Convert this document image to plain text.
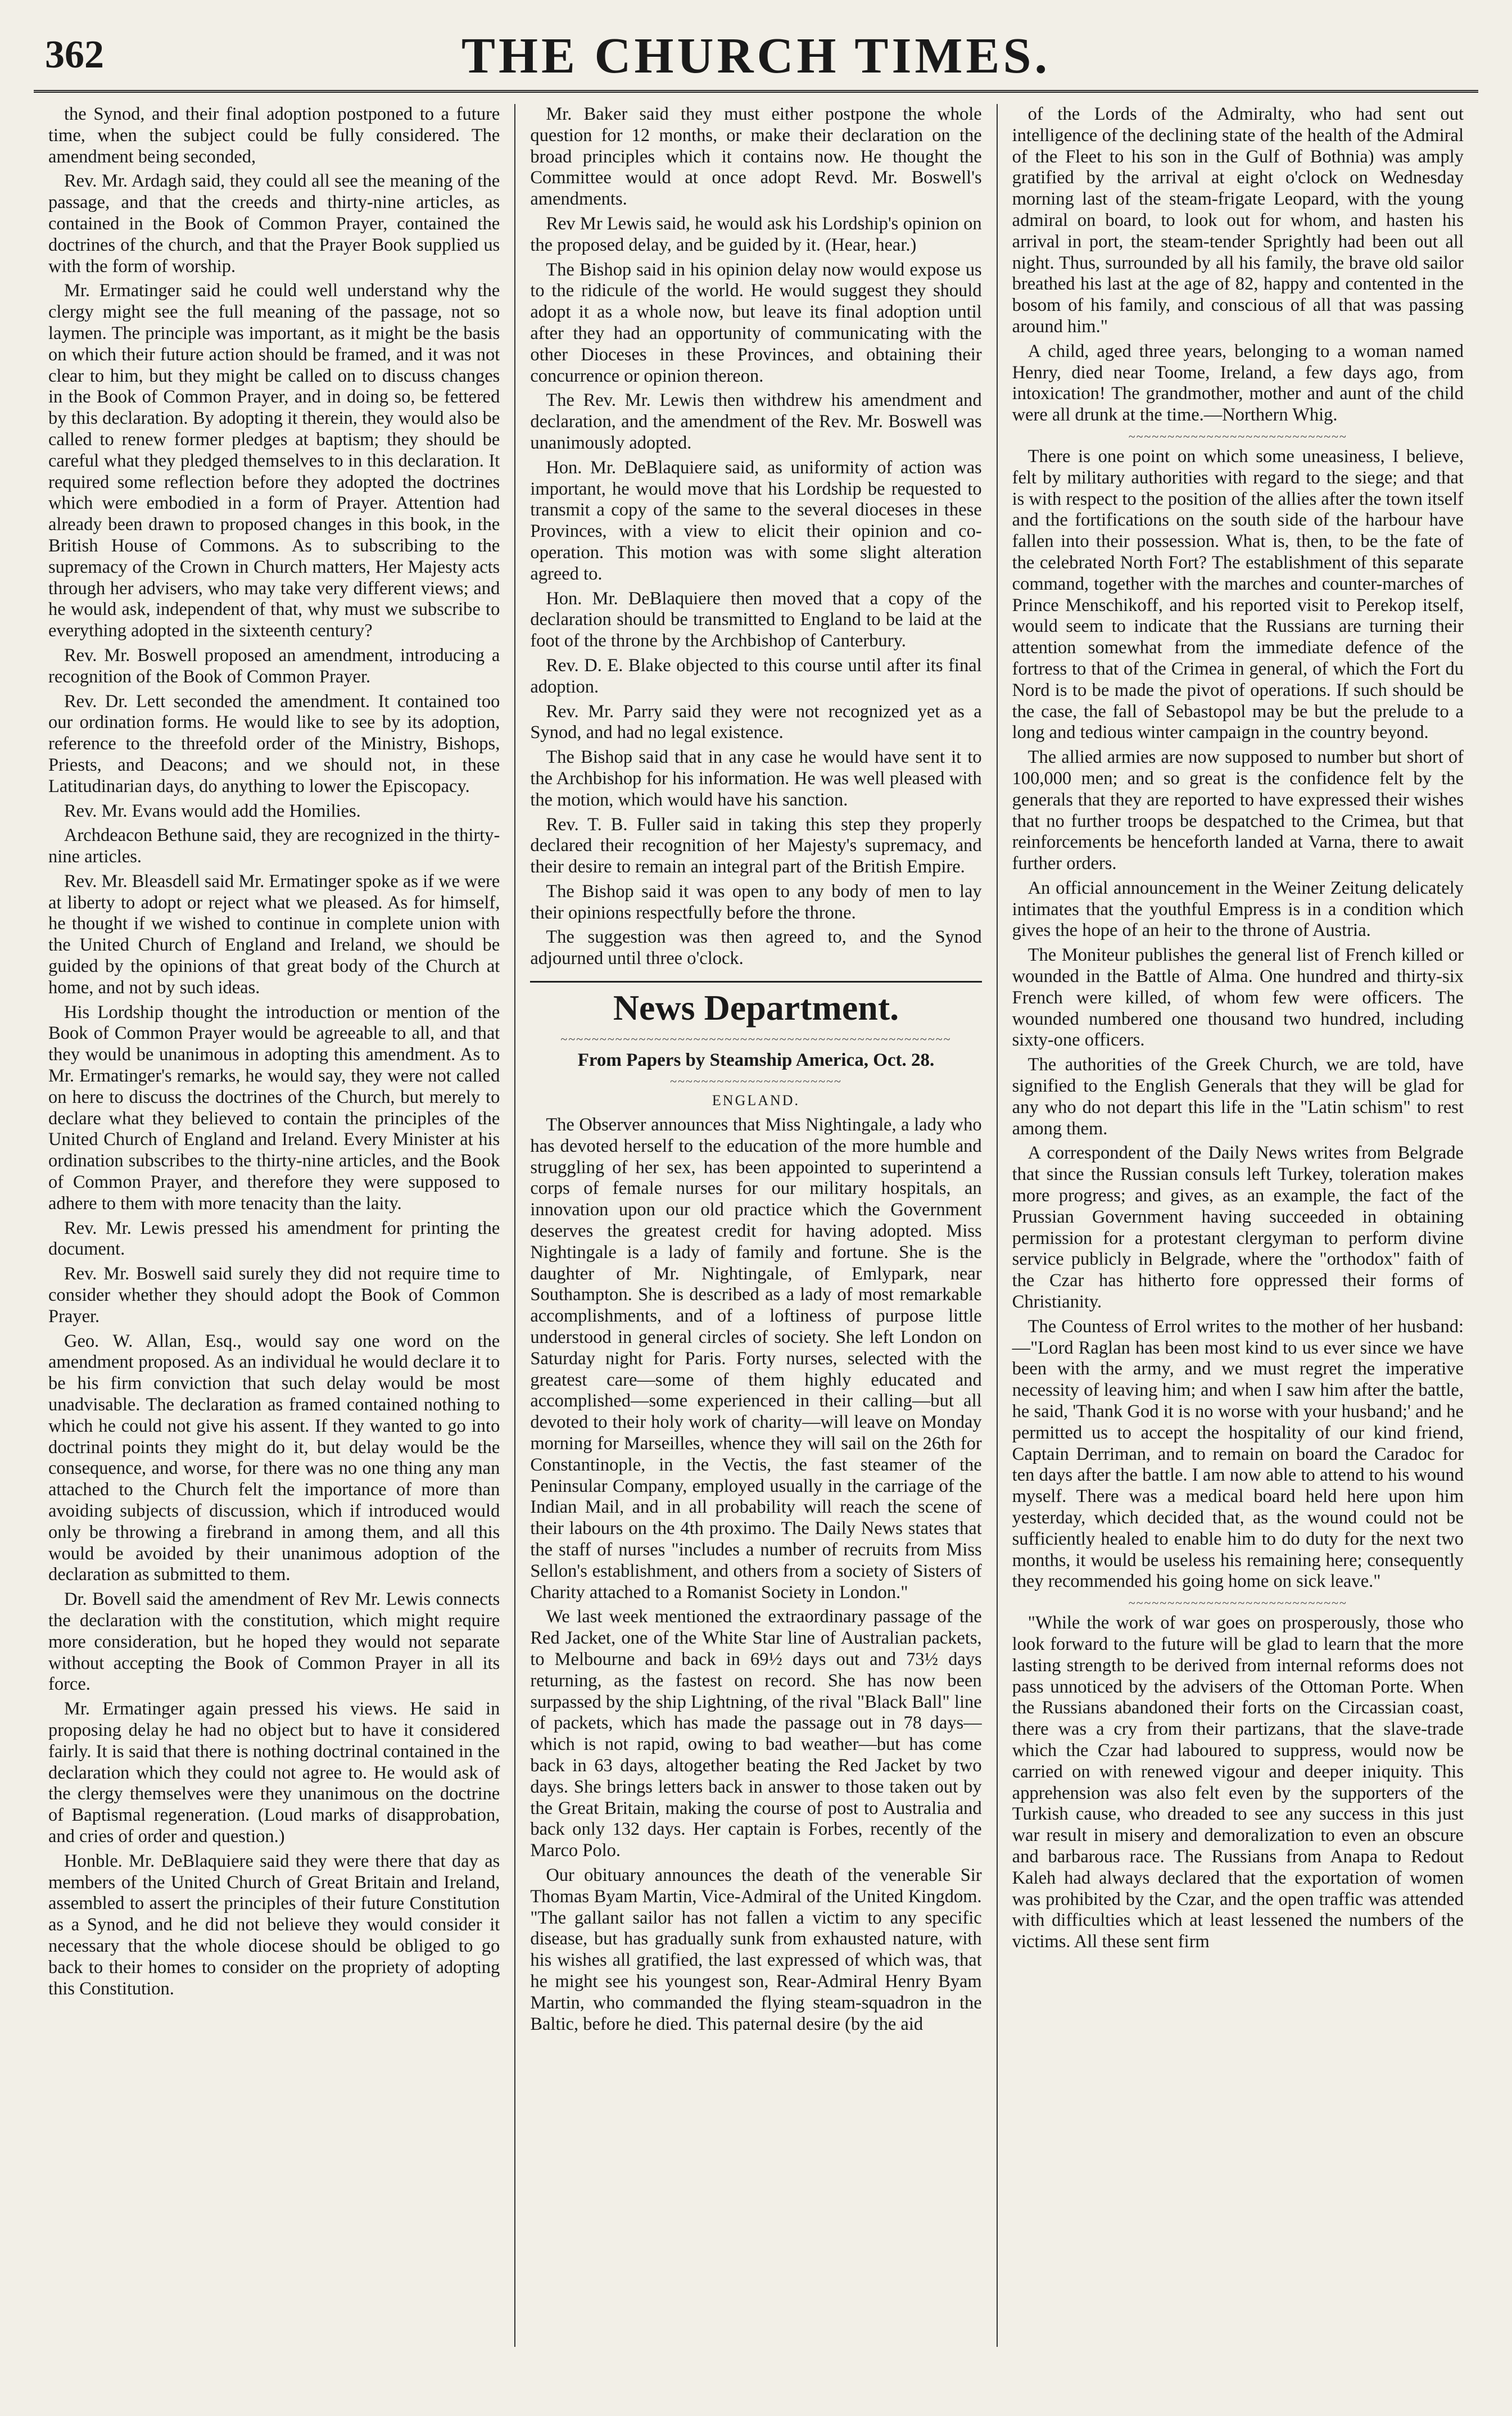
362	THE CHURCH TIMES.

the Synod, and their final adoption postponed to a future time, when the subject could be fully considered. The amendment being seconded,

Rev. Mr. Ardagh said, they could all see the meaning of the passage, and that the creeds and thirty-nine articles, as contained in the Book of Common Prayer, contained the doctrines of the church, and that the Prayer Book supplied us with the form of worship.

Mr. Ermatinger said he could well understand why the clergy might see the full meaning of the passage, not so laymen. The principle was important, as it might be the basis on which their future action should be framed, and it was not clear to him, but they might be called on to discuss changes in the Book of Common Prayer, and in doing so, be fettered by this declaration. By adopting it therein, they would also be called to renew former pledges at baptism; they should be careful what they pledged themselves to in this declaration. It required some reflection before they adopted the doctrines which were embodied in a form of Prayer. Attention had already been drawn to proposed changes in this book, in the British House of Commons. As to subscribing to the supremacy of the Crown in Church matters, Her Majesty acts through her advisers, who may take very different views; and he would ask, independent of that, why must we subscribe to everything adopted in the sixteenth century?

Rev. Mr. Boswell proposed an amendment, introducing a recognition of the Book of Common Prayer.

Rev. Dr. Lett seconded the amendment. It contained too our ordination forms. He would like to see by its adoption, reference to the threefold order of the Ministry, Bishops, Priests, and Deacons; and we should not, in these Latitudinarian days, do anything to lower the Episcopacy.

Rev. Mr. Evans would add the Homilies.

Archdeacon Bethune said, they are recognized in the thirty-nine articles.

Rev. Mr. Bleasdell said Mr. Ermatinger spoke as if we were at liberty to adopt or reject what we pleased. As for himself, he thought if we wished to continue in complete union with the United Church of England and Ireland, we should be guided by the opinions of that great body of the Church at home, and not by such ideas.

His Lordship thought the introduction or mention of the Book of Common Prayer would be agreeable to all, and that they would be unanimous in adopting this amendment. As to Mr. Ermatinger's remarks, he would say, they were not called on here to discuss the doctrines of the Church, but merely to declare what they believed to contain the principles of the United Church of England and Ireland. Every Minister at his ordination subscribes to the thirty-nine articles, and the Book of Common Prayer, and therefore they were supposed to adhere to them with more tenacity than the laity.

Rev. Mr. Lewis pressed his amendment for printing the document.

Rev. Mr. Boswell said surely they did not require time to consider whether they should adopt the Book of Common Prayer.

Geo. W. Allan, Esq., would say one word on the amendment proposed. As an individual he would declare it to be his firm conviction that such delay would be most unadvisable. The declaration as framed contained nothing to which he could not give his assent. If they wanted to go into doctrinal points they might do it, but delay would be the consequence, and worse, for there was no one thing any man attached to the Church felt the importance of more than avoiding subjects of discussion, which if introduced would only be throwing a firebrand in among them, and all this would be avoided by their unanimous adoption of the declaration as submitted to them.

Dr. Bovell said the amendment of Rev Mr. Lewis connects the declaration with the constitution, which might require more consideration, but he hoped they would not separate without accepting the Book of Common Prayer in all its force.

Mr. Ermatinger again pressed his views. He said in proposing delay he had no object but to have it considered fairly. It is said that there is nothing doctrinal contained in the declaration which they could not agree to. He would ask of the clergy themselves were they unanimous on the doctrine of Baptismal regeneration. (Loud marks of disapprobation, and cries of order and question.)

Honble. Mr. DeBlaquiere said they were there that day as members of the United Church of Great Britain and Ireland, assembled to assert the principles of their future Constitution as a Synod, and he did not believe they would consider it necessary that the whole diocese should be obliged to go back to their homes to consider on the propriety of adopting this Constitution.

Mr. Baker said they must either postpone the whole question for 12 months, or make their declaration on the broad principles which it contains now. He thought the Committee would at once adopt Revd. Mr. Boswell's amendments.

Rev Mr Lewis said, he would ask his Lordship's opinion on the proposed delay, and be guided by it. (Hear, hear.)

The Bishop said in his opinion delay now would expose us to the ridicule of the world. He would suggest they should adopt it as a whole now, but leave its final adoption until after they had an opportunity of communicating with the other Dioceses in these Provinces, and obtaining their concurrence or opinion thereon.

The Rev. Mr. Lewis then withdrew his amendment and declaration, and the amendment of the Rev. Mr. Boswell was unanimously adopted.

Hon. Mr. DeBlaquiere said, as uniformity of action was important, he would move that his Lordship be requested to transmit a copy of the same to the several dioceses in these Provinces, with a view to elicit their opinion and co-operation. This motion was with some slight alteration agreed to.

Hon. Mr. DeBlaquiere then moved that a copy of the declaration should be transmitted to England to be laid at the foot of the throne by the Archbishop of Canterbury.

Rev. D. E. Blake objected to this course until after its final adoption.

Rev. Mr. Parry said they were not recognized yet as a Synod, and had no legal existence.

The Bishop said that in any case he would have sent it to the Archbishop for his information. He was well pleased with the motion, which would have his sanction.

Rev. T. B. Fuller said in taking this step they properly declared their recognition of her Majesty's supremacy, and their desire to remain an integral part of the British Empire.

The Bishop said it was open to any body of men to lay their opinions respectfully before the throne.

The suggestion was then agreed to, and the Synod adjourned until three o'clock.

News Department.
~~~~~~~~~~~~~~~~~~~~~~~~~~~~~~~~~~~~~~~~~~~~~~~~~~
From Papers by Steamship America, Oct. 28.
~~~~~~~~~~~~~~~~~~~~~~
ENGLAND.

The Observer announces that Miss Nightingale, a lady who has devoted herself to the education of the more humble and struggling of her sex, has been appointed to superintend a corps of female nurses for our military hospitals, an innovation upon our old practice which the Government deserves the greatest credit for having adopted. Miss Nightingale is a lady of family and fortune. She is the daughter of Mr. Nightingale, of Emlypark, near Southampton. She is described as a lady of most remarkable accomplishments, and of a loftiness of purpose little understood in general circles of society. She left London on Saturday night for Paris. Forty nurses, selected with the greatest care—some of them highly educated and accomplished—some experienced in their calling—but all devoted to their holy work of charity—will leave on Monday morning for Marseilles, whence they will sail on the 26th for Constantinople, in the Vectis, the fast steamer of the Peninsular Company, employed usually in the carriage of the Indian Mail, and in all probability will reach the scene of their labours on the 4th proximo. The Daily News states that the staff of nurses "includes a number of recruits from Miss Sellon's establishment, and others from a society of Sisters of Charity attached to a Romanist Society in London."

We last week mentioned the extraordinary passage of the Red Jacket, one of the White Star line of Australian packets, to Melbourne and back in 69½ days out and 73½ days returning, as the fastest on record. She has now been surpassed by the ship Lightning, of the rival "Black Ball" line of packets, which has made the passage out in 78 days—which is not rapid, owing to bad weather—but has come back in 63 days, altogether beating the Red Jacket by two days. She brings letters back in answer to those taken out by the Great Britain, making the course of post to Australia and back only 132 days. Her captain is Forbes, recently of the Marco Polo.

Our obituary announces the death of the venerable Sir Thomas Byam Martin, Vice-Admiral of the United Kingdom. "The gallant sailor has not fallen a victim to any specific disease, but has gradually sunk from exhausted nature, with his wishes all gratified, the last expressed of which was, that he might see his youngest son, Rear-Admiral Henry Byam Martin, who commanded the flying steam-squadron in the Baltic, before he died. This paternal desire (by the aid

of the Lords of the Admiralty, who had sent out intelligence of the declining state of the health of the Admiral of the Fleet to his son in the Gulf of Bothnia) was amply gratified by the arrival at eight o'clock on Wednesday morning last of the steam-frigate Leopard, with the young admiral on board, to look out for whom, and hasten his arrival in port, the steam-tender Sprightly had been out all night. Thus, surrounded by all his family, the brave old sailor breathed his last at the age of 82, happy and contented in the bosom of his family, and conscious of all that was passing around him."

A child, aged three years, belonging to a woman named Henry, died near Toome, Ireland, a few days ago, from intoxication! The grandmother, mother and aunt of the child were all drunk at the time.—Northern Whig.

~~~~~~~~~~~~~~~~~~~~~~~~~~~~

There is one point on which some uneasiness, I believe, felt by military authorities with regard to the siege; and that is with respect to the position of the allies after the town itself and the fortifications on the south side of the harbour have fallen into their possession. What is, then, to be the fate of the celebrated North Fort? The establishment of this separate command, together with the marches and counter-marches of Prince Menschikoff, and his reported visit to Perekop itself, would seem to indicate that the Russians are turning their attention somewhat from the immediate defence of the fortress to that of the Crimea in general, of which the Fort du Nord is to be made the pivot of operations. If such should be the case, the fall of Sebastopol may be but the prelude to a long and tedious winter campaign in the country beyond.

The allied armies are now supposed to number but short of 100,000 men; and so great is the confidence felt by the generals that they are reported to have expressed their wishes that no further troops be despatched to the Crimea, but that reinforcements be henceforth landed at Varna, there to await further orders.

An official announcement in the Weiner Zeitung delicately intimates that the youthful Empress is in a condition which gives the hope of an heir to the throne of Austria.

The Moniteur publishes the general list of French killed or wounded in the Battle of Alma. One hundred and thirty-six French were killed, of whom few were officers. The wounded numbered one thousand two hundred, including sixty-one officers.

The authorities of the Greek Church, we are told, have signified to the English Generals that they will be glad for any who do not depart this life in the "Latin schism" to rest among them.

A correspondent of the Daily News writes from Belgrade that since the Russian consuls left Turkey, toleration makes more progress; and gives, as an example, the fact of the Prussian Government having succeeded in obtaining permission for a protestant clergyman to perform divine service publicly in Belgrade, where the "orthodox" faith of the Czar has hitherto fore oppressed their forms of Christianity.

The Countess of Errol writes to the mother of her husband:—"Lord Raglan has been most kind to us ever since we have been with the army, and we must regret the imperative necessity of leaving him; and when I saw him after the battle, he said, 'Thank God it is no worse with your husband;' and he permitted us to accept the hospitality of our kind friend, Captain Derriman, and to remain on board the Caradoc for ten days after the battle. I am now able to attend to his wound myself. There was a medical board held here upon him yesterday, which decided that, as the wound could not be sufficiently healed to enable him to do duty for the next two months, it would be useless his remaining here; consequently they recommended his going home on sick leave."

~~~~~~~~~~~~~~~~~~~~~~~~~~~~

"While the work of war goes on prosperously, those who look forward to the future will be glad to learn that the more lasting strength to be derived from internal reforms does not pass unnoticed by the advisers of the Ottoman Porte. When the Russians abandoned their forts on the Circassian coast, there was a cry from their partizans, that the slave-trade which the Czar had laboured to suppress, would now be carried on with renewed vigour and deeper iniquity. This apprehension was also felt even by the supporters of the Turkish cause, who dreaded to see any success in this just war result in misery and demoralization to even an obscure and barbarous race. The Russians from Anapa to Redout Kaleh had always declared that the exportation of women was prohibited by the Czar, and the open traffic was attended with difficulties which at least lessened the numbers of the victims. All these sent firm
